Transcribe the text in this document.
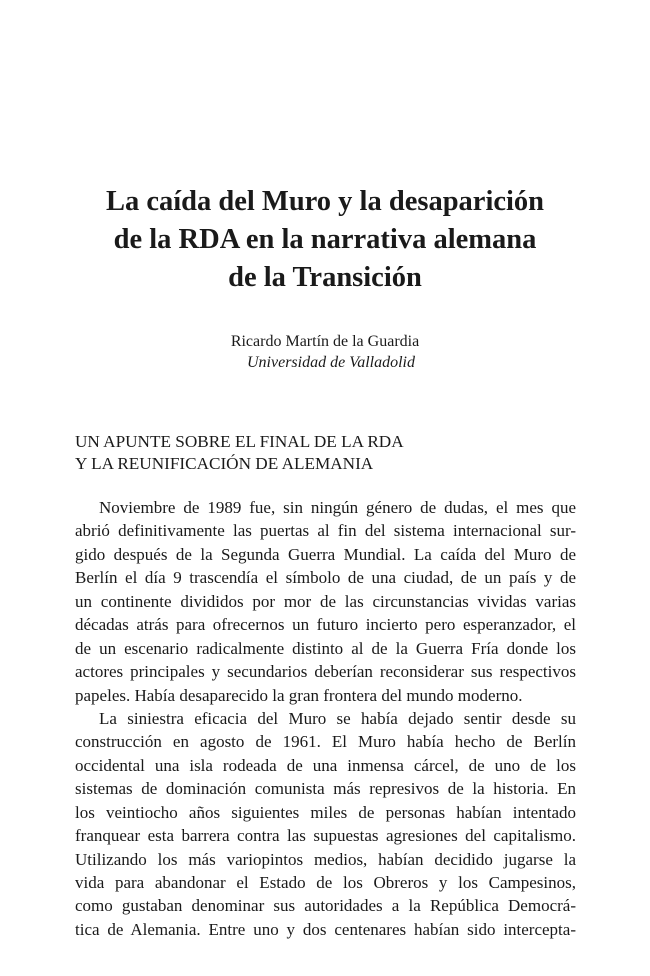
La caída del Muro y la desaparición
de la RDA en la narrativa alemana
de la Transición
Ricardo Martín de la Guardia
Universidad de Valladolid
UN APUNTE SOBRE EL FINAL DE LA RDA
Y LA REUNIFICACIÓN DE ALEMANIA
Noviembre de 1989 fue, sin ningún género de dudas, el mes que
abrió definitivamente las puertas al fin del sistema internacional sur-
gido después de la Segunda Guerra Mundial. La caída del Muro de
Berlín el día 9 trascendía el símbolo de una ciudad, de un país y de
un continente divididos por mor de las circunstancias vividas varias
décadas atrás para ofrecernos un futuro incierto pero esperanzador, el
de un escenario radicalmente distinto al de la Guerra Fría donde los
actores principales y secundarios deberían reconsiderar sus respectivos
papeles. Había desaparecido la gran frontera del mundo moderno.
La siniestra eficacia del Muro se había dejado sentir desde su
construcción en agosto de 1961. El Muro había hecho de Berlín
occidental una isla rodeada de una inmensa cárcel, de uno de los
sistemas de dominación comunista más represivos de la historia. En
los veintiocho años siguientes miles de personas habían intentado
franquear esta barrera contra las supuestas agresiones del capitalismo.
Utilizando los más variopintos medios, habían decidido jugarse la
vida para abandonar el Estado de los Obreros y los Campesinos,
como gustaban denominar sus autoridades a la República Democrá-
tica de Alemania. Entre uno y dos centenares habían sido intercepta-
